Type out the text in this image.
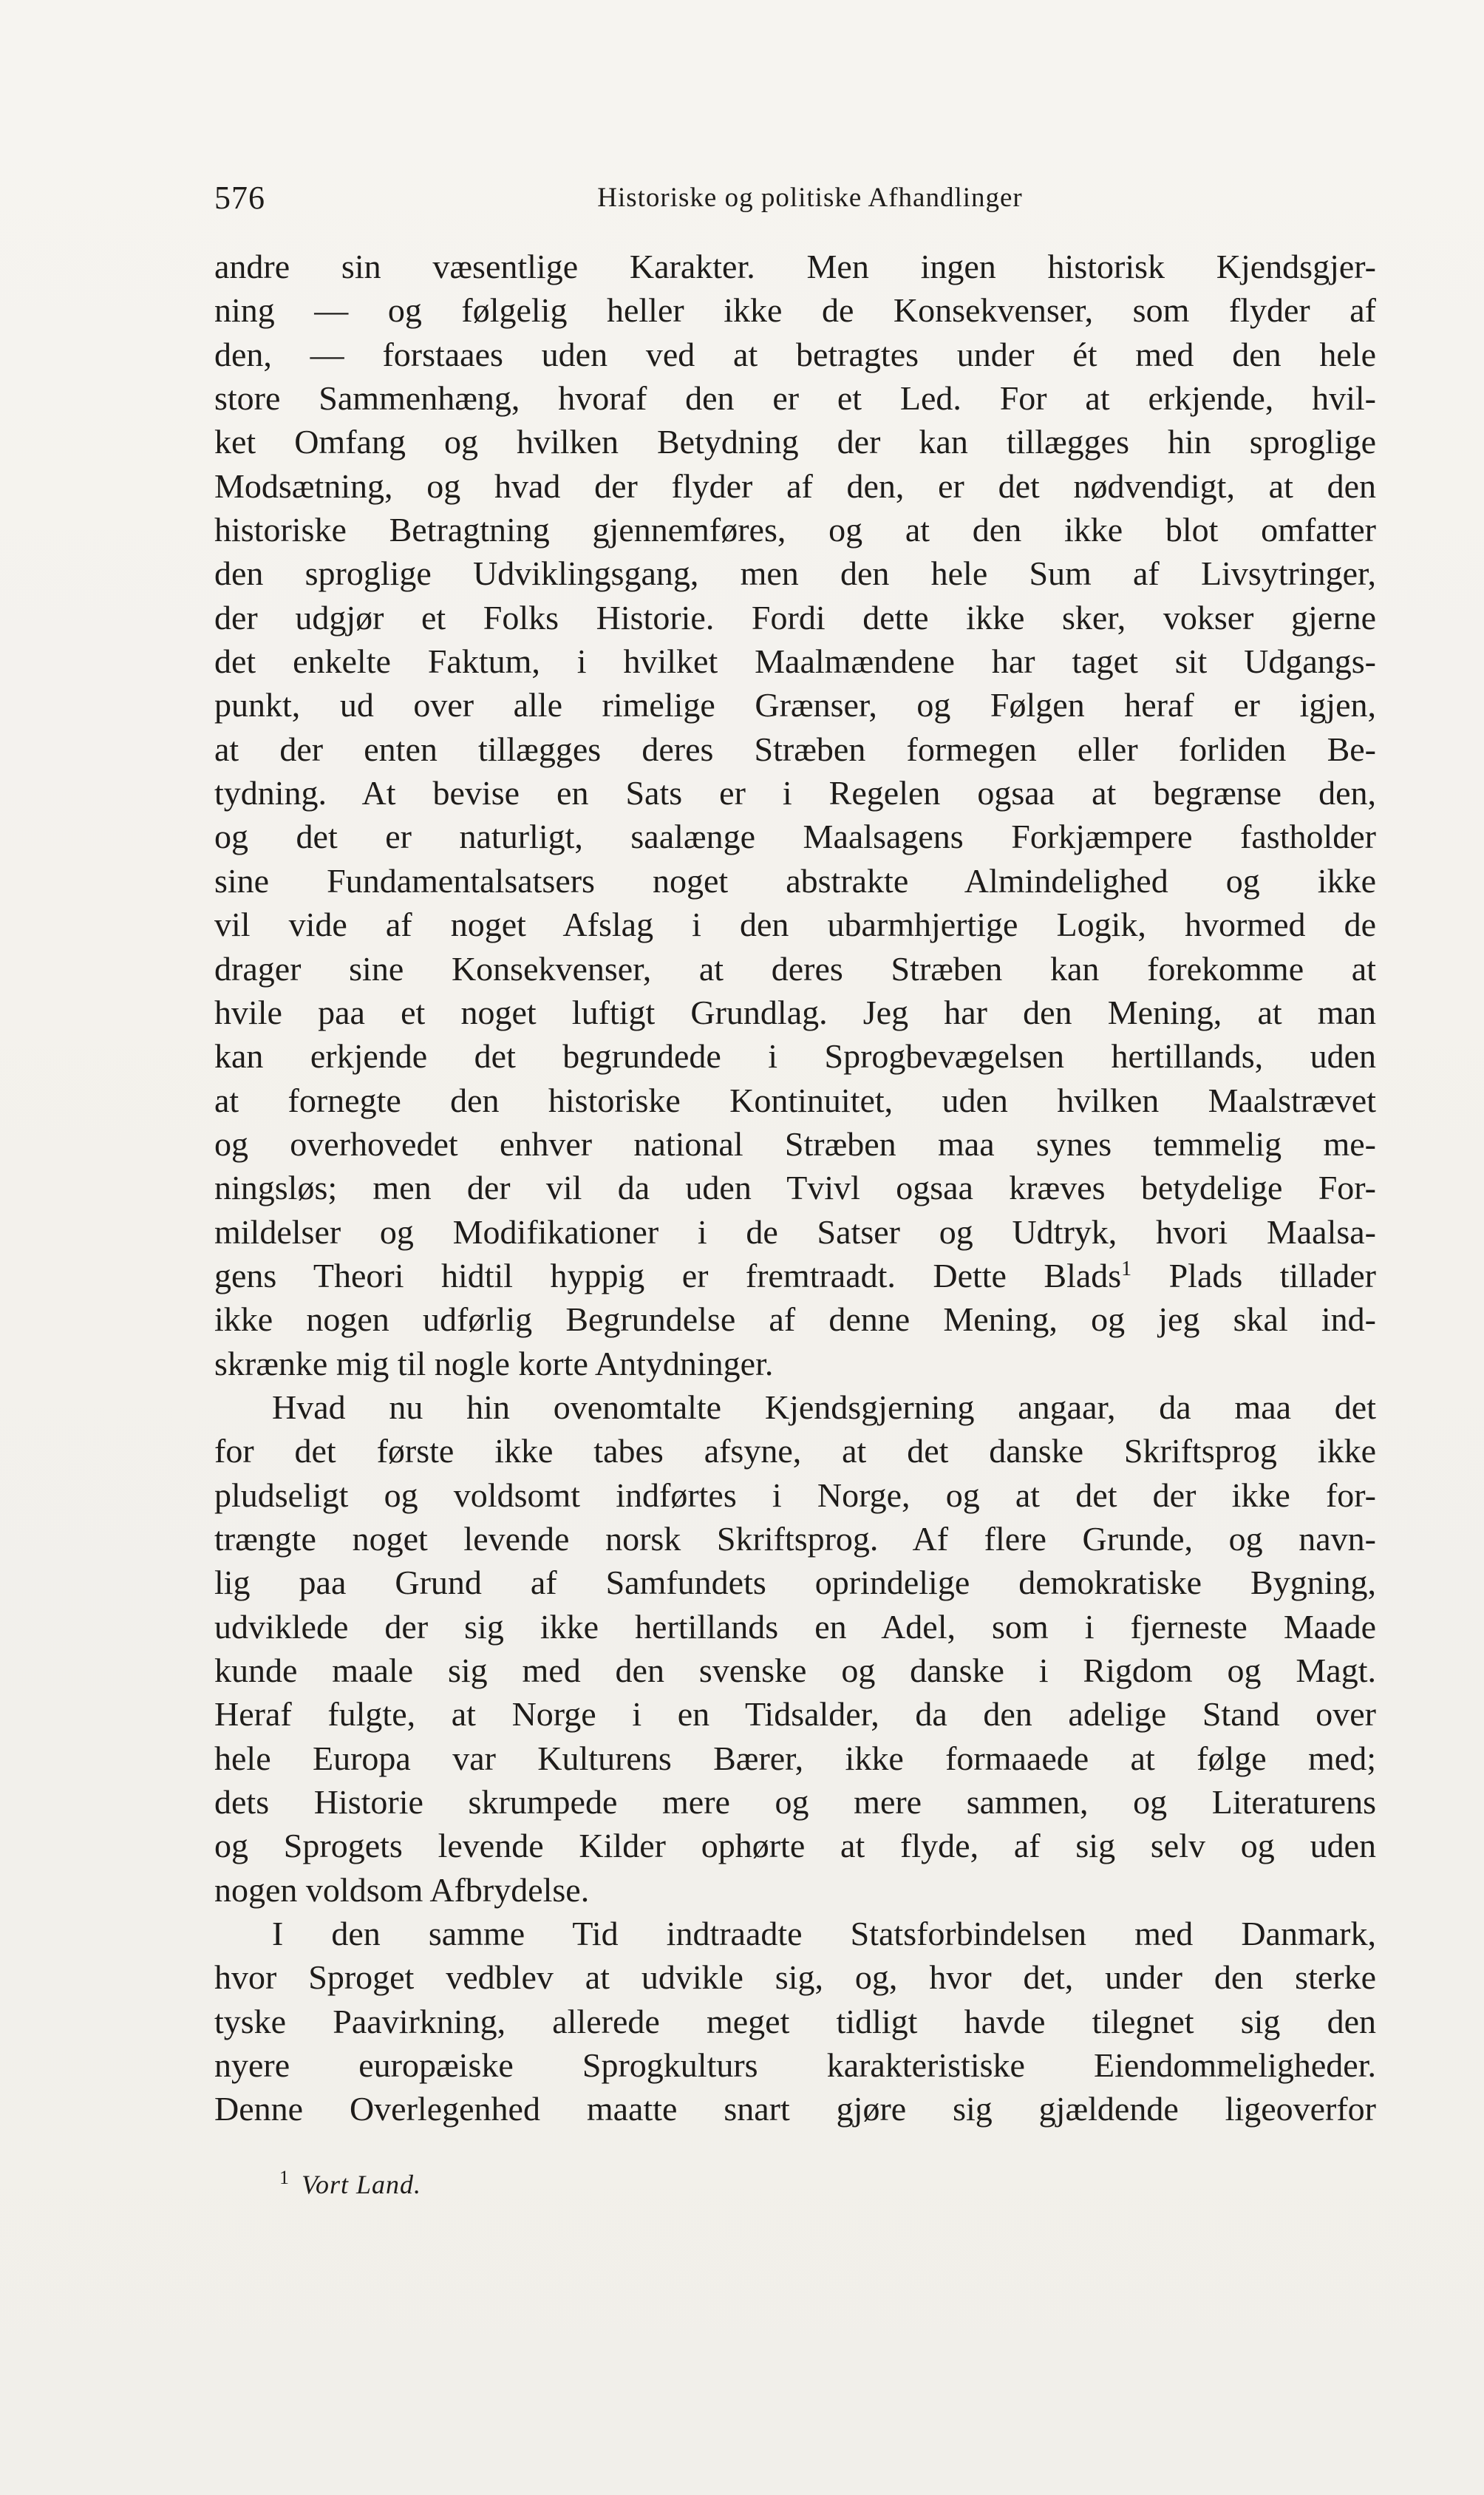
576	Historiske og politiske Afhandlinger
andre sin væsentlige Karakter. Men ingen historisk Kjendsgjer-
ning — og følgelig heller ikke de Konsekvenser, som flyder af
den, — forstaaes uden ved at betragtes under ét med den hele
store Sammenhæng, hvoraf den er et Led. For at erkjende, hvil-
ket Omfang og hvilken Betydning der kan tillægges hin sproglige
Modsætning, og hvad der flyder af den, er det nødvendigt, at den
historiske Betragtning gjennemføres, og at den ikke blot omfatter
den sproglige Udviklingsgang, men den hele Sum af Livsytringer,
der udgjør et Folks Historie. Fordi dette ikke sker, vokser gjerne
det enkelte Faktum, i hvilket Maalmændene har taget sit Udgangs-
punkt, ud over alle rimelige Grænser, og Følgen heraf er igjen,
at der enten tillægges deres Stræben formegen eller forliden Be-
tydning. At bevise en Sats er i Regelen ogsaa at begrænse den,
og det er naturligt, saalænge Maalsagens Forkjæmpere fastholder
sine Fundamentalsatsers noget abstrakte Almindelighed og ikke
vil vide af noget Afslag i den ubarmhjertige Logik, hvormed de
drager sine Konsekvenser, at deres Stræben kan forekomme at
hvile paa et noget luftigt Grundlag. Jeg har den Mening, at man
kan erkjende det begrundede i Sprogbevægelsen hertillands, uden
at fornegte den historiske Kontinuitet, uden hvilken Maalstrævet
og overhovedet enhver national Stræben maa synes temmelig me-
ningsløs; men der vil da uden Tvivl ogsaa kræves betydelige For-
mildelser og Modifikationer i de Satser og Udtryk, hvori Maalsa-
gens Theori hidtil hyppig er fremtraadt. Dette Blads$^1$ Plads tillader
ikke nogen udførlig Begrundelse af denne Mening, og jeg skal ind-
skrænke mig til nogle korte Antydninger.
Hvad nu hin ovenomtalte Kjendsgjerning angaar, da maa det
for det første ikke tabes afsyne, at det danske Skriftsprog ikke
pludseligt og voldsomt indførtes i Norge, og at det der ikke for-
trængte noget levende norsk Skriftsprog. Af flere Grunde, og navn-
lig paa Grund af Samfundets oprindelige demokratiske Bygning,
udviklede der sig ikke hertillands en Adel, som i fjerneste Maade
kunde maale sig med den svenske og danske i Rigdom og Magt.
Heraf fulgte, at Norge i en Tidsalder, da den adelige Stand over
hele Europa var Kulturens Bærer, ikke formaaede at følge med;
dets Historie skrumpede mere og mere sammen, og Literaturens
og Sprogets levende Kilder ophørte at flyde, af sig selv og uden
nogen voldsom Afbrydelse.
I den samme Tid indtraadte Statsforbindelsen med Danmark,
hvor Sproget vedblev at udvikle sig, og, hvor det, under den sterke
tyske Paavirkning, allerede meget tidligt havde tilegnet sig den
nyere europæiske Sprogkulturs karakteristiske Eiendommeligheder.
Denne Overlegenhed maatte snart gjøre sig gjældende ligeoverfor
$^1$ Vort Land.
